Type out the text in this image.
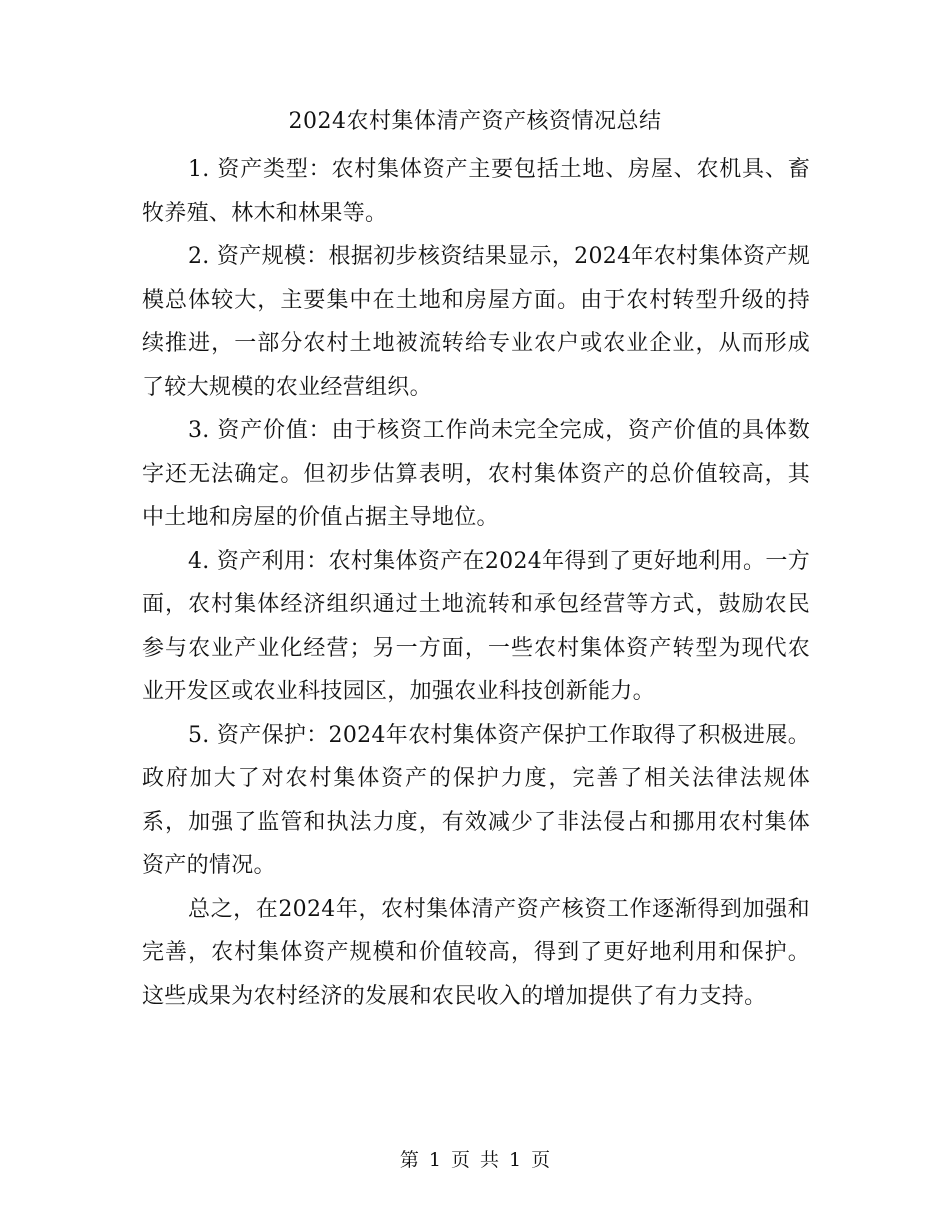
2024农村集体清产资产核资情况总结

1. 资产类型：农村集体资产主要包括土地、房屋、农机具、畜牧养殖、林木和林果等。

2. 资产规模：根据初步核资结果显示，2024年农村集体资产规模总体较大，主要集中在土地和房屋方面。由于农村转型升级的持续推进，一部分农村土地被流转给专业农户或农业企业，从而形成了较大规模的农业经营组织。

3. 资产价值：由于核资工作尚未完全完成，资产价值的具体数字还无法确定。但初步估算表明，农村集体资产的总价值较高，其中土地和房屋的价值占据主导地位。

4. 资产利用：农村集体资产在2024年得到了更好地利用。一方面，农村集体经济组织通过土地流转和承包经营等方式，鼓励农民参与农业产业化经营；另一方面，一些农村集体资产转型为现代农业开发区或农业科技园区，加强农业科技创新能力。

5. 资产保护：2024年农村集体资产保护工作取得了积极进展。政府加大了对农村集体资产的保护力度，完善了相关法律法规体系，加强了监管和执法力度，有效减少了非法侵占和挪用农村集体资产的情况。

总之，在2024年，农村集体清产资产核资工作逐渐得到加强和完善，农村集体资产规模和价值较高，得到了更好地利用和保护。这些成果为农村经济的发展和农民收入的增加提供了有力支持。

第 1 页 共 1 页
